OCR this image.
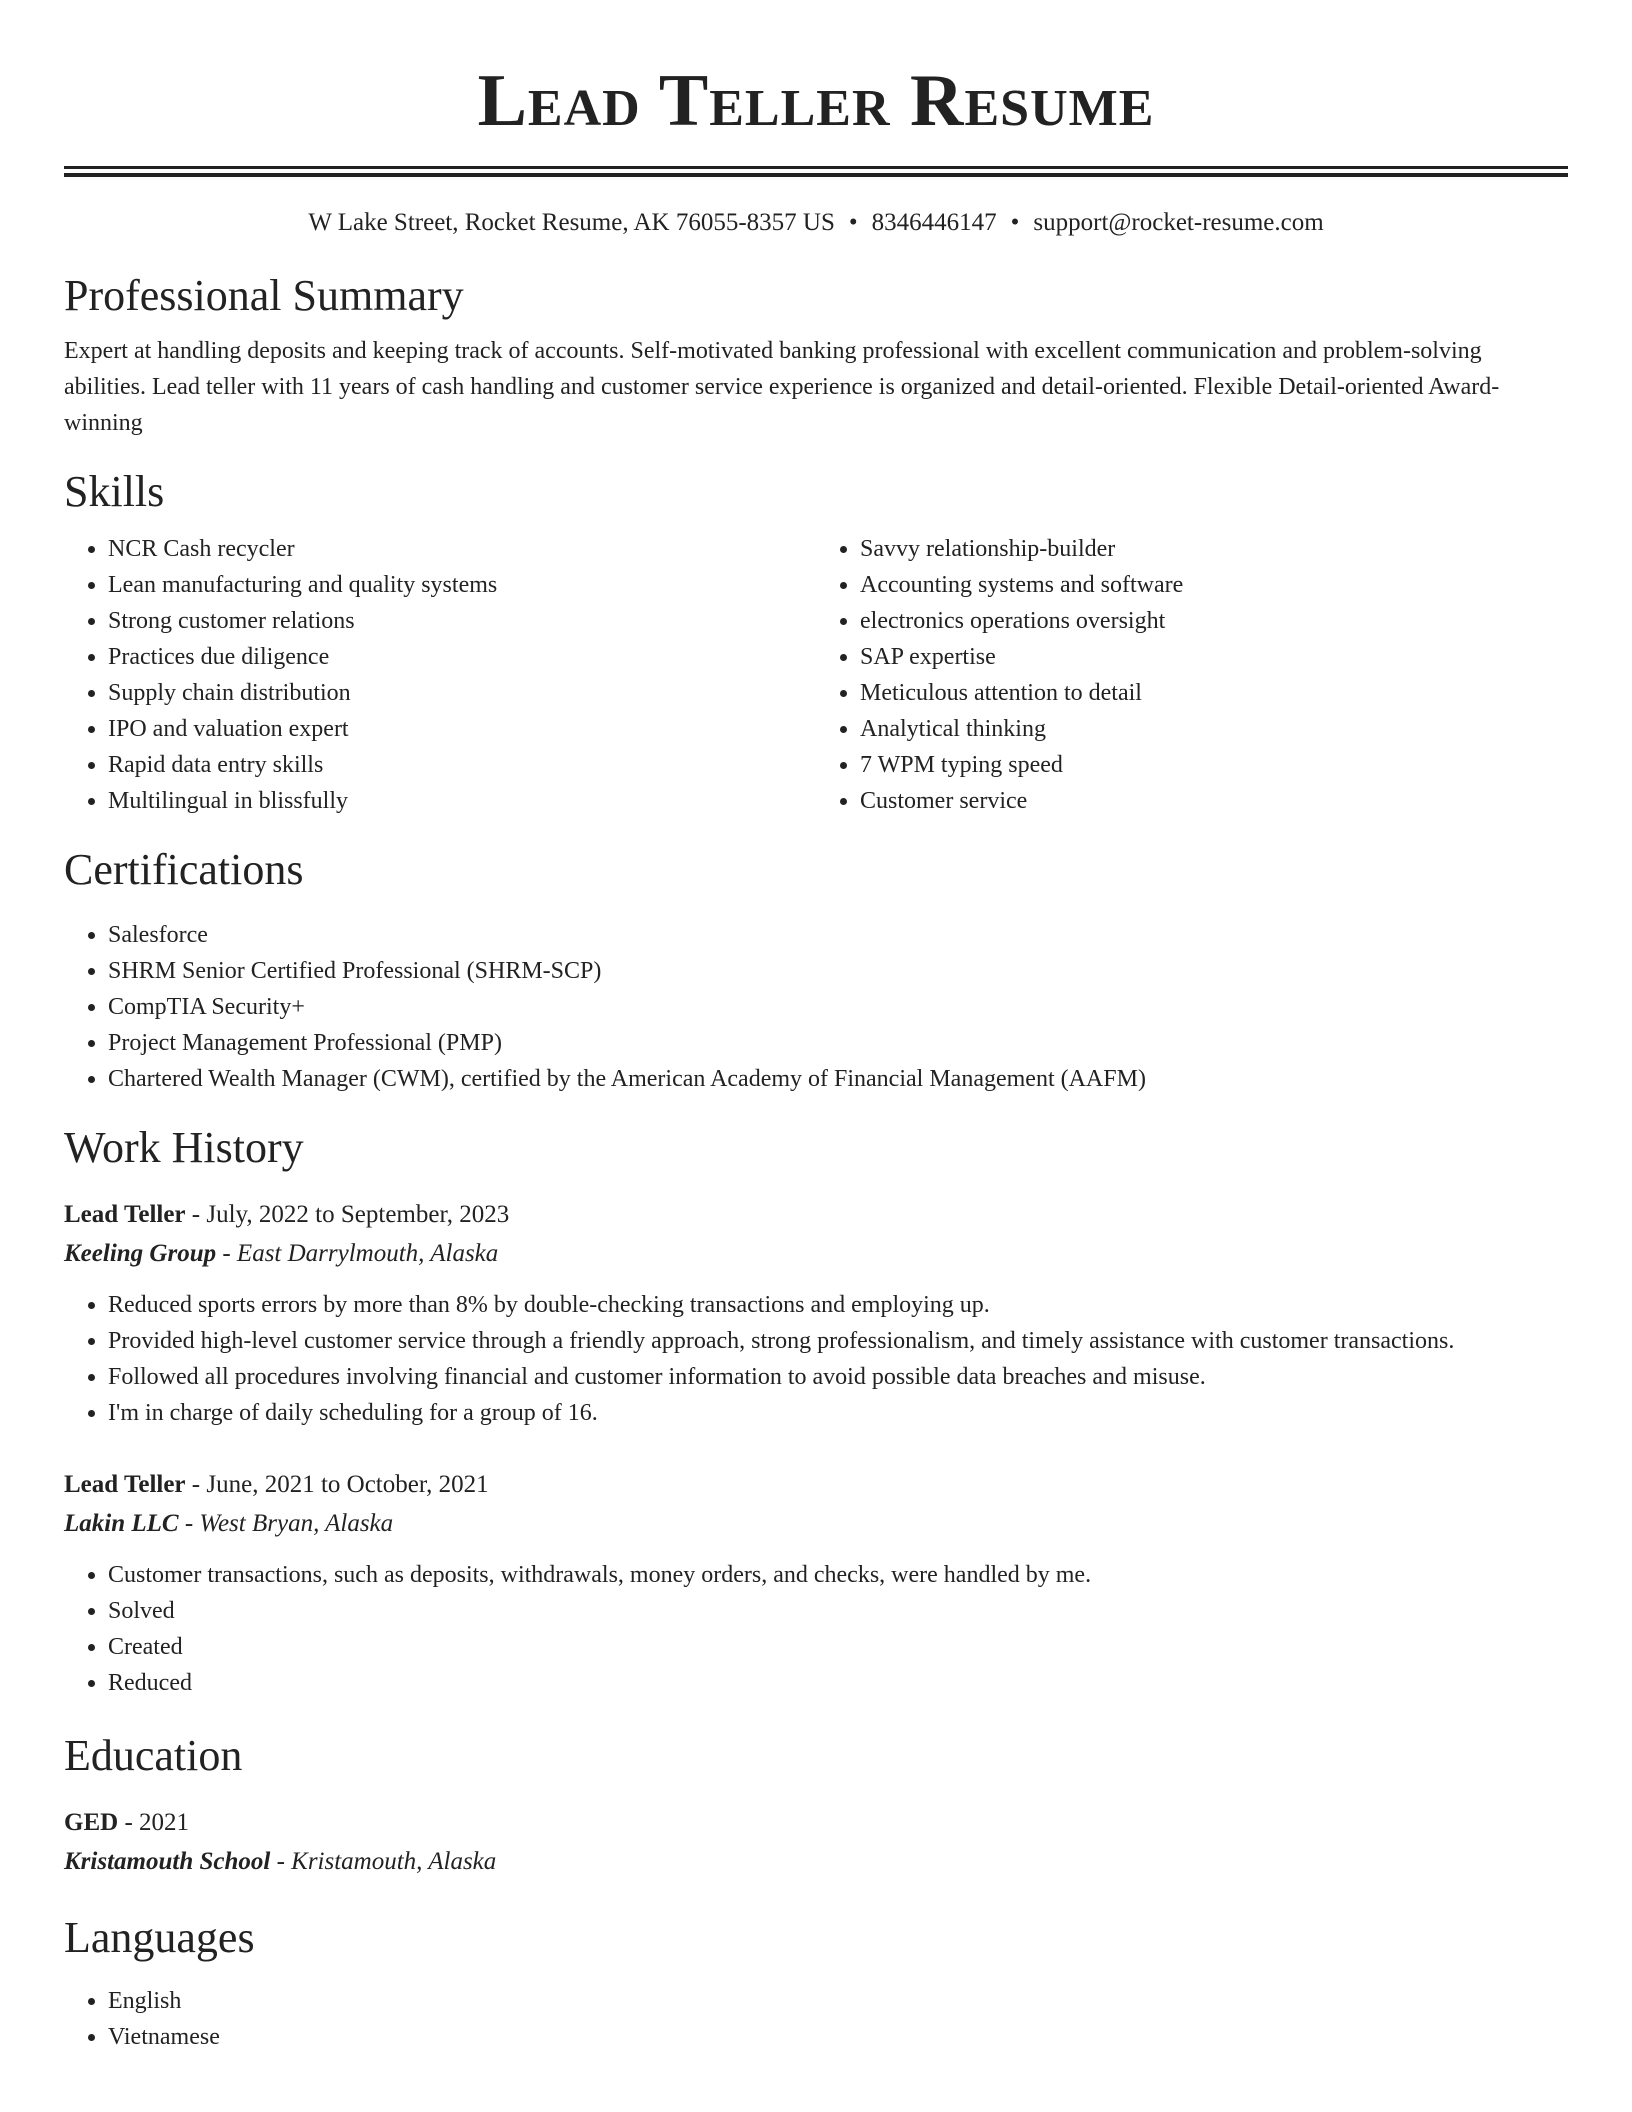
Lead Teller Resume
W Lake Street, Rocket Resume, AK 76055-8357 US • 8346446147 • support@rocket-resume.com
Professional Summary

Expert at handling deposits and keeping track of accounts. Self-motivated banking professional with excellent communication and problem-solving abilities. Lead teller with 11 years of cash handling and customer service experience is organized and detail-oriented. Flexible Detail-oriented Award-winning

Skills
• NCR Cash recycler
• Lean manufacturing and quality systems
• Strong customer relations
• Practices due diligence
• Supply chain distribution
• IPO and valuation expert
• Rapid data entry skills
• Multilingual in blissfully
• Savvy relationship-builder
• Accounting systems and software
• electronics operations oversight
• SAP expertise
• Meticulous attention to detail
• Analytical thinking
• 7 WPM typing speed
• Customer service
Certifications
• Salesforce
• SHRM Senior Certified Professional (SHRM-SCP)
• CompTIA Security+
• Project Management Professional (PMP)
• Chartered Wealth Manager (CWM), certified by the American Academy of Financial Management (AAFM)
Work History
Lead Teller - July, 2022 to September, 2023
Keeling Group - East Darrylmouth, Alaska
• Reduced sports errors by more than 8% by double-checking transactions and employing up.
• Provided high-level customer service through a friendly approach, strong professionalism, and timely assistance with customer transactions.
• Followed all procedures involving financial and customer information to avoid possible data breaches and misuse.
• I'm in charge of daily scheduling for a group of 16.
Lead Teller - June, 2021 to October, 2021
Lakin LLC - West Bryan, Alaska
• Customer transactions, such as deposits, withdrawals, money orders, and checks, were handled by me.
• Solved
• Created
• Reduced
Education
GED - 2021
Kristamouth School - Kristamouth, Alaska
Languages
• English
• Vietnamese
